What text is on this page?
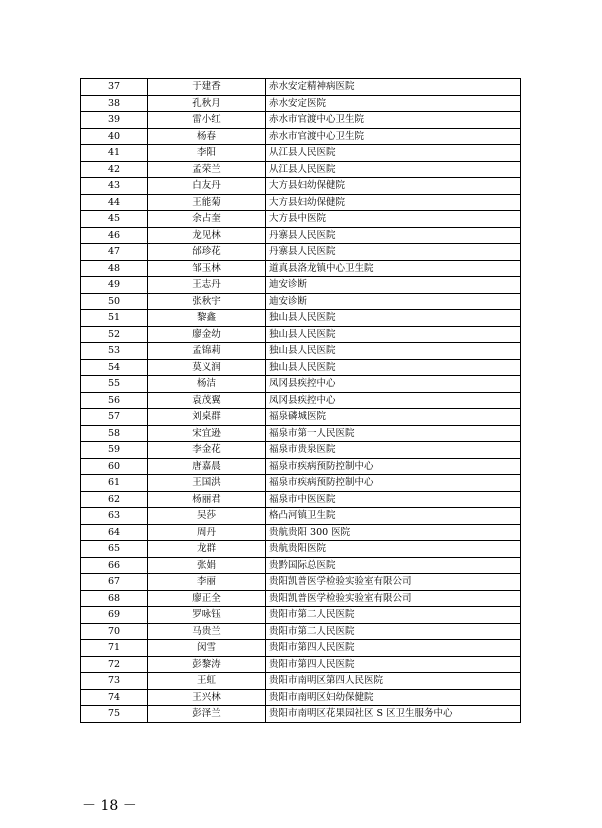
37	于建香	赤水安定精神病医院
38	孔秋月	赤水安定医院
39	雷小红	赤水市官渡中心卫生院
40	杨春	赤水市官渡中心卫生院
41	李阳	从江县人民医院
42	孟荣兰	从江县人民医院
43	白友丹	大方县妇幼保健院
44	王能菊	大方县妇幼保健院
45	余占奎	大方县中医院
46	龙见林	丹寨县人民医院
47	邰珍花	丹寨县人民医院
48	邹玉林	道真县洛龙镇中心卫生院
49	王志丹	迪安诊断
50	张秋宇	迪安诊断
51	黎鑫	独山县人民医院
52	廖金幼	独山县人民医院
53	孟锦莉	独山县人民医院
54	莫义润	独山县人民医院
55	杨洁	凤冈县疾控中心
56	袁茂翼	凤冈县疾控中心
57	刘桌群	福泉磷城医院
58	宋宜逊	福泉市第一人民医院
59	李金花	福泉市贵泉医院
60	唐嘉晨	福泉市疾病预防控制中心
61	王国洪	福泉市疾病预防控制中心
62	杨丽君	福泉市中医医院
63	吴莎	格凸河镇卫生院
64	周丹	贵航贵阳 300 医院
65	龙群	贵航贵阳医院
66	张娟	贵黔国际总医院
67	李丽	贵阳凯普医学检验实验室有限公司
68	廖正全	贵阳凯普医学检验实验室有限公司
69	罗咏钰	贵阳市第二人民医院
70	马贵兰	贵阳市第二人民医院
71	闵雪	贵阳市第四人民医院
72	彭黎涛	贵阳市第四人民医院
73	王虹	贵阳市南明区第四人民医院
74	王兴林	贵阳市南明区妇幼保健院
75	彭泽兰	贵阳市南明区花果园社区 S 区卫生服务中心
－ 18 －
